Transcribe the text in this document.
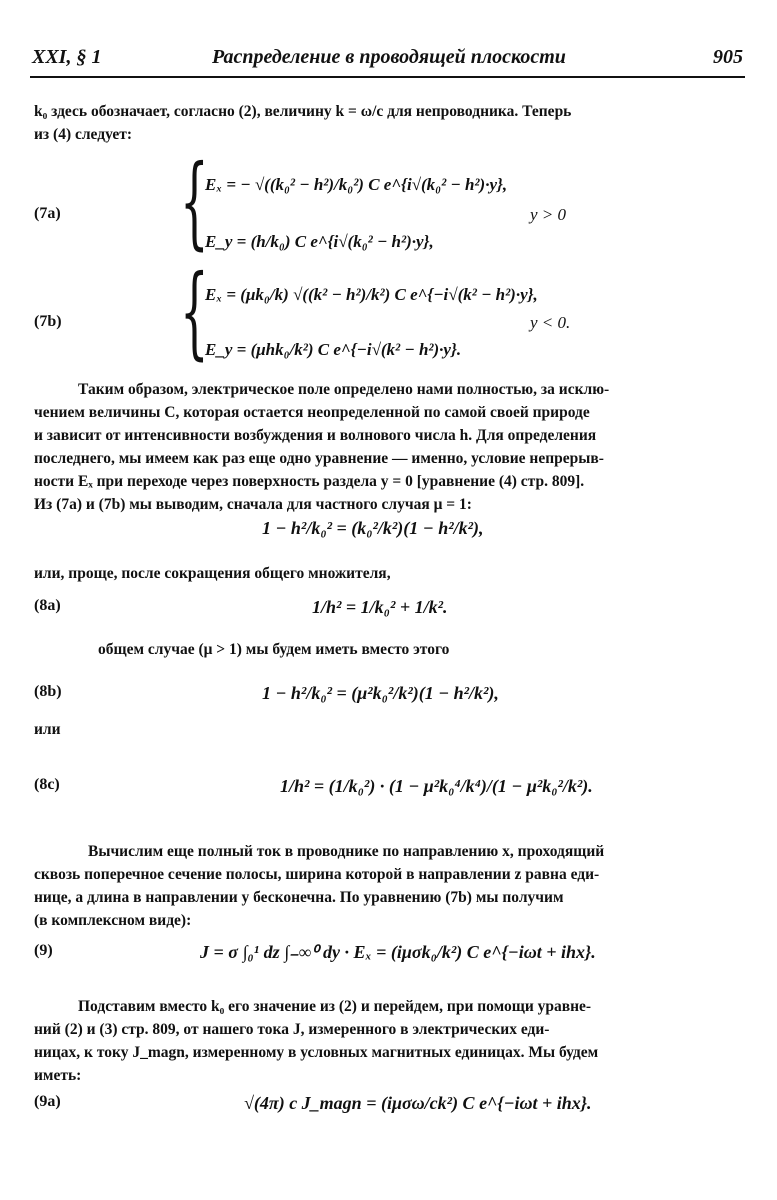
XXI, § 1	Распределение в проводящей плоскости	905
k₀ здесь обозначает, согласно (2), величину k = ω/c для непроводника. Теперь
из (4) следует:
(7a) {
Eₓ = − √((k₀² − h²)/k₀²) C e^{i√(k₀² − h²)·y},
E_y = (h/k₀) C e^{i√(k₀² − h²)·y},
y > 0
(7b) {
Eₓ = (μk₀/k) √((k² − h²)/k²) C e^{−i√(k² − h²)·y},
E_y = (μhk₀/k²) C e^{−i√(k² − h²)·y}.
y < 0.
Таким образом, электрическое поле определено нами полностью, за исклю-
чением величины C, которая остается неопределенной по самой своей природе
и зависит от интенсивности возбуждения и волнового числа h. Для определения
последнего, мы имеем как раз еще одно уравнение — именно, условие непрерыв-
ности Eₓ при переходе через поверхность раздела y = 0 [уравнение (4) стр. 809].
Из (7a) и (7b) мы выводим, сначала для частного случая μ = 1:
1 − h²/k₀² = (k₀²/k²)(1 − h²/k²),
или, проще, после сокращения общего множителя,
(8a)	1/h² = 1/k₀² + 1/k².
общем случае (μ > 1) мы будем иметь вместо этого
(8b)	1 − h²/k₀² = (μ²k₀²/k²)(1 − h²/k²),
или
(8c)	1/h² = (1/k₀²) · (1 − μ²k₀⁴/k⁴)/(1 − μ²k₀²/k²).
Вычислим еще полный ток в проводнике по направлению x, проходящий
сквозь поперечное сечение полосы, ширина которой в направлении z равна еди-
нице, а длина в направлении y бесконечна. По уравнению (7b) мы получим
(в комплексном виде):
(9)	J = σ ∫₀¹ dz ∫₋∞⁰ dy · Eₓ = (iμσk₀/k²) C e^{−iωt + ihx}.
Подставим вместо k₀ его значение из (2) и перейдем, при помощи уравне-
ний (2) и (3) стр. 809, от нашего тока J, измеренного в электрических еди-
ницах, к току J_magn, измеренному в условных магнитных единицах. Мы будем
иметь:
(9a)	√(4π) c J_magn = (iμσω/ck²) C e^{−iωt + ihx}.
